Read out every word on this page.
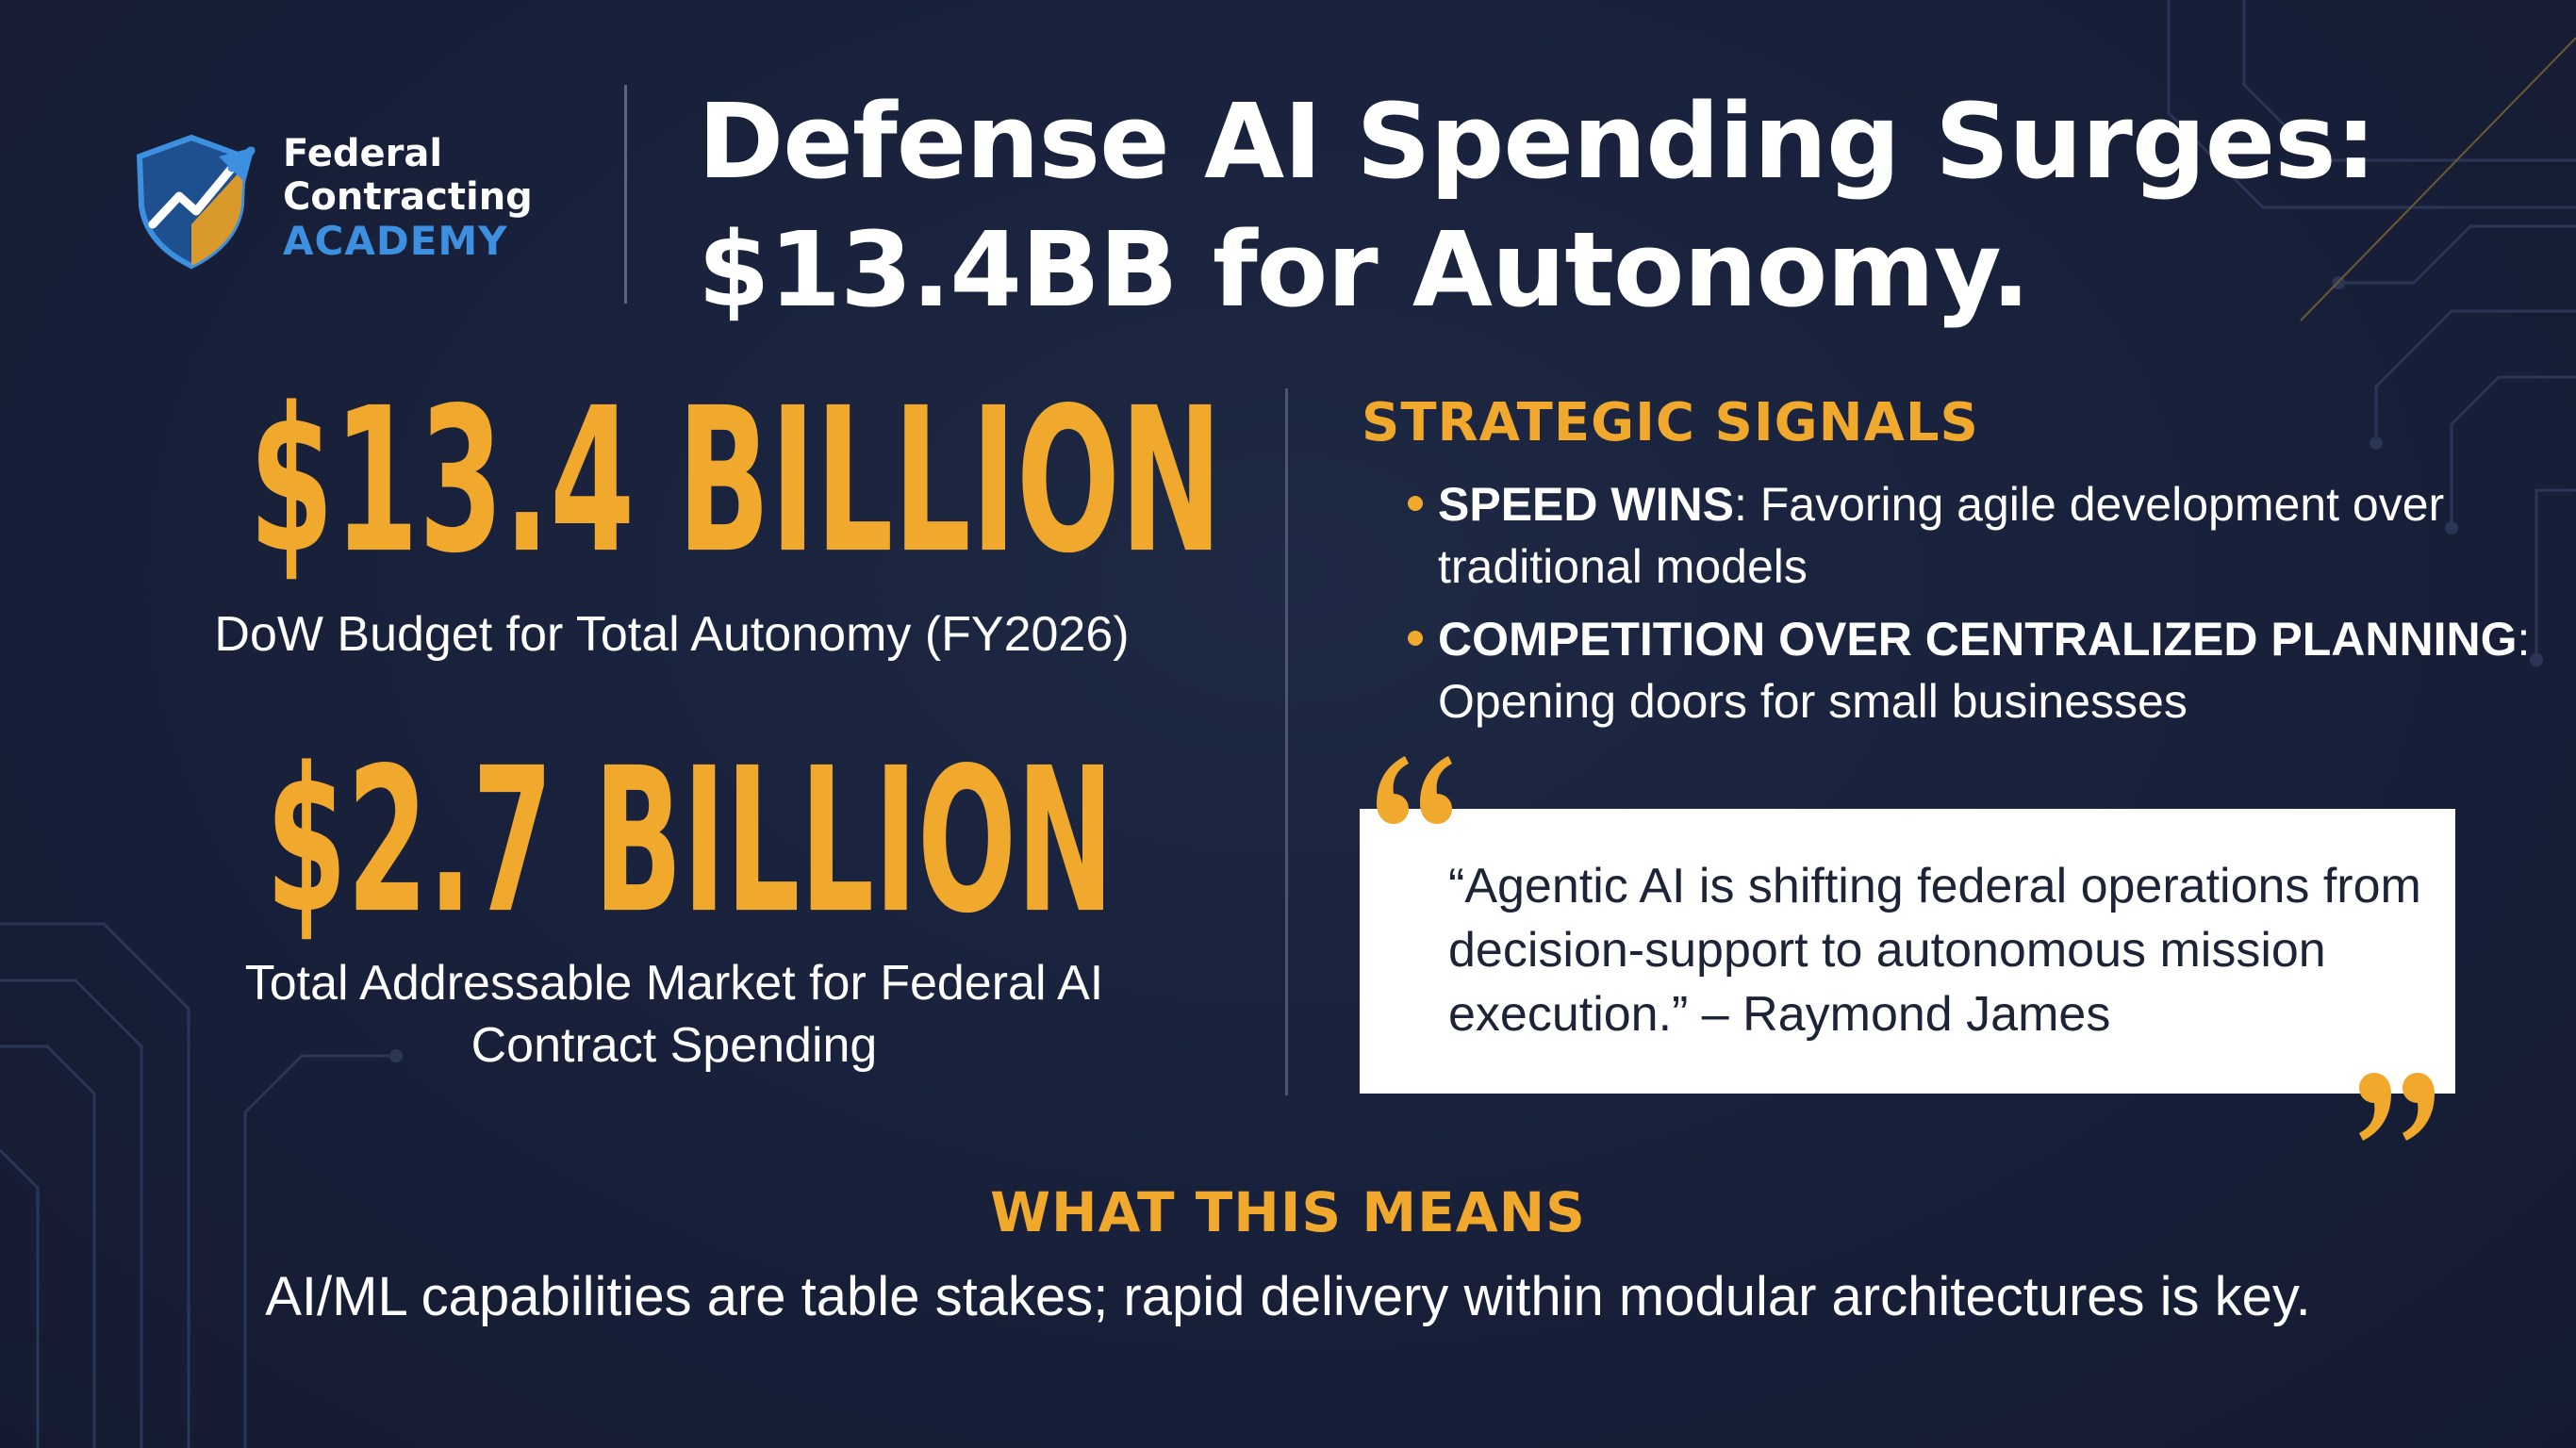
Federal
Contracting
ACADEMY
Defense AI Spending Surges:
$13.4BB for Autonomy.
$13.4 BILLION
DoW Budget for Total Autonomy (FY2026)
$2.7 BILLION
Total Addressable Market for Federal AI Contract Spending
STRATEGIC SIGNALS
SPEED WINS: Favoring agile development over traditional models
COMPETITION OVER CENTRALIZED PLANNING: Opening doors for small businesses
“Agentic AI is shifting federal operations from decision-support to autonomous mission execution.” – Raymond James
WHAT THIS MEANS
AI/ML capabilities are table stakes; rapid delivery within modular architectures is key.
